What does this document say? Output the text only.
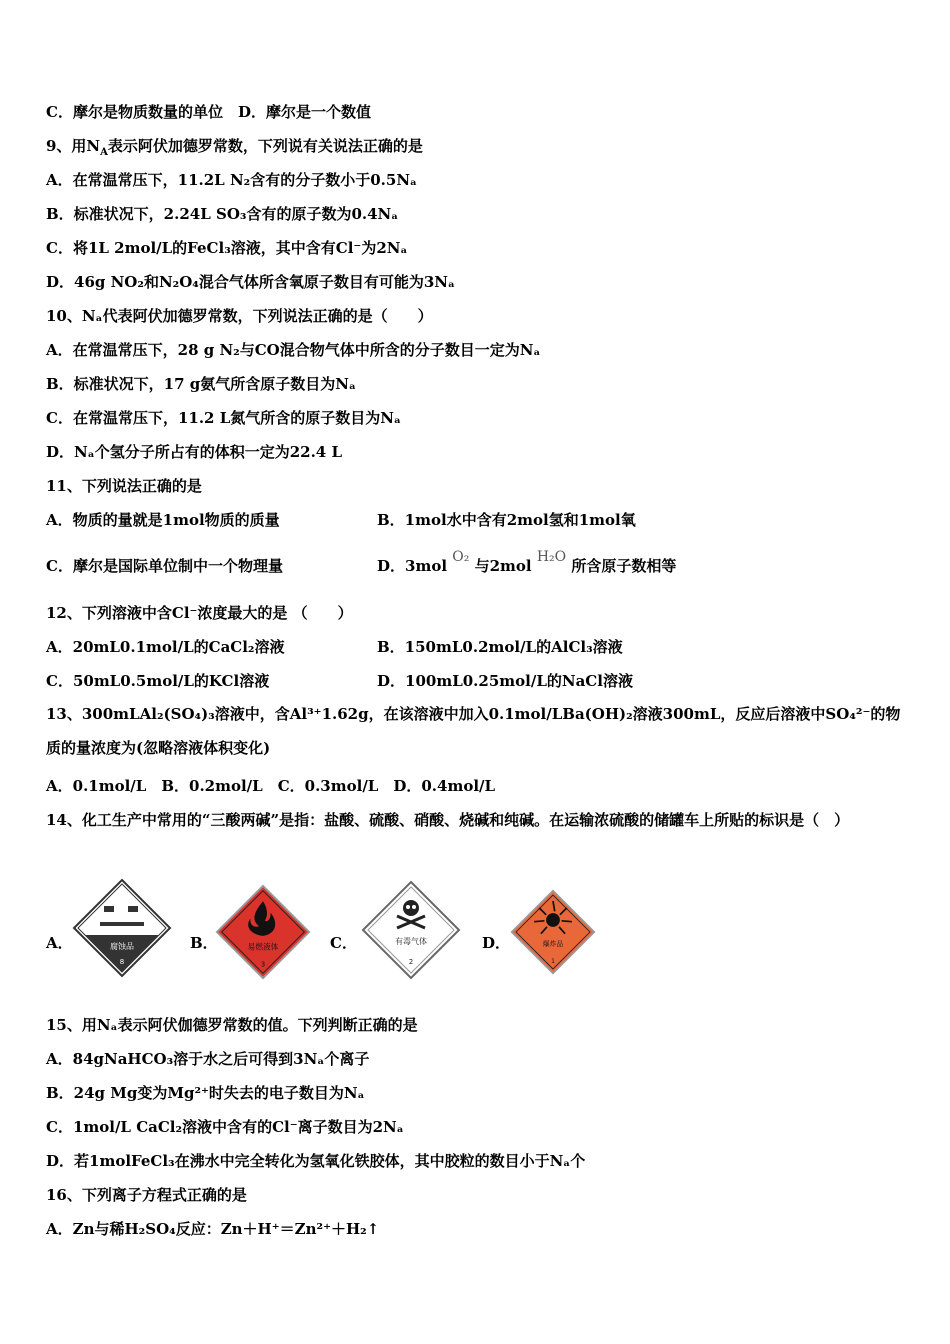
C．摩尔是物质数量的单位　D．摩尔是一个数值
9、用$N_A$表示阿伏加德罗常数，下列说有关说法正确的是
A．在常温常压下，11.2L N₂含有的分子数小于0.5Nₐ
B．标准状况下，2.24L SO₃含有的原子数为0.4Nₐ
C．将1L 2mol/L的FeCl₃溶液，其中含有Cl⁻为2Nₐ
D．46g NO₂和N₂O₄混合气体所含氧原子数目有可能为3Nₐ
10、Nₐ代表阿伏加德罗常数，下列说法正确的是（　　）
A．在常温常压下，28 g N₂与CO混合物气体中所含的分子数目一定为Nₐ
B．标准状况下，17 g氨气所含原子数目为Nₐ
C．在常温常压下，11.2 L氮气所含的原子数目为Nₐ
D．Nₐ个氢分子所占有的体积一定为22.4 L
11、下列说法正确的是
A．物质的量就是1mol物质的质量	B．1mol水中含有2mol氢和1mol氧
C．摩尔是国际单位制中一个物理量	D．3mol O₂ 与2mol H₂O 所含原子数相等
12、下列溶液中含Cl⁻浓度最大的是 （　　）
A．20mL0.1mol/L的CaCl₂溶液	B．150mL0.2mol/L的AlCl₃溶液
C．50mL0.5mol/L的KCl溶液	D．100mL0.25mol/L的NaCl溶液
13、300mLAl₂(SO₄)₃溶液中，含Al³⁺1.62g，在该溶液中加入0.1mol/LBa(OH)₂溶液300mL，反应后溶液中SO₄²⁻的物质的量浓度为(忽略溶液体积变化)
A．0.1mol/L　B．0.2mol/L　C．0.3mol/L　D．0.4mol/L
14、化工生产中常用的“三酸两碱”是指：盐酸、硫酸、硝酸、烧碱和纯碱。在运输浓硫酸的储罐车上所贴的标识是（　）
A．	腐蚀品
8
B．	易燃液体
3
C．	有毒气体
2
D．	爆炸品
1
15、用Nₐ表示阿伏伽德罗常数的值。下列判断正确的是
A．84gNaHCO₃溶于水之后可得到3Nₐ个离子
B．24g Mg变为Mg²⁺时失去的电子数目为Nₐ
C．1mol/L CaCl₂溶液中含有的Cl⁻离子数目为2Nₐ
D．若1molFeCl₃在沸水中完全转化为氢氧化铁胶体，其中胶粒的数目小于Nₐ个
16、下列离子方程式正确的是
A．Zn与稀H₂SO₄反应：Zn＋H⁺＝Zn²⁺＋H₂↑
